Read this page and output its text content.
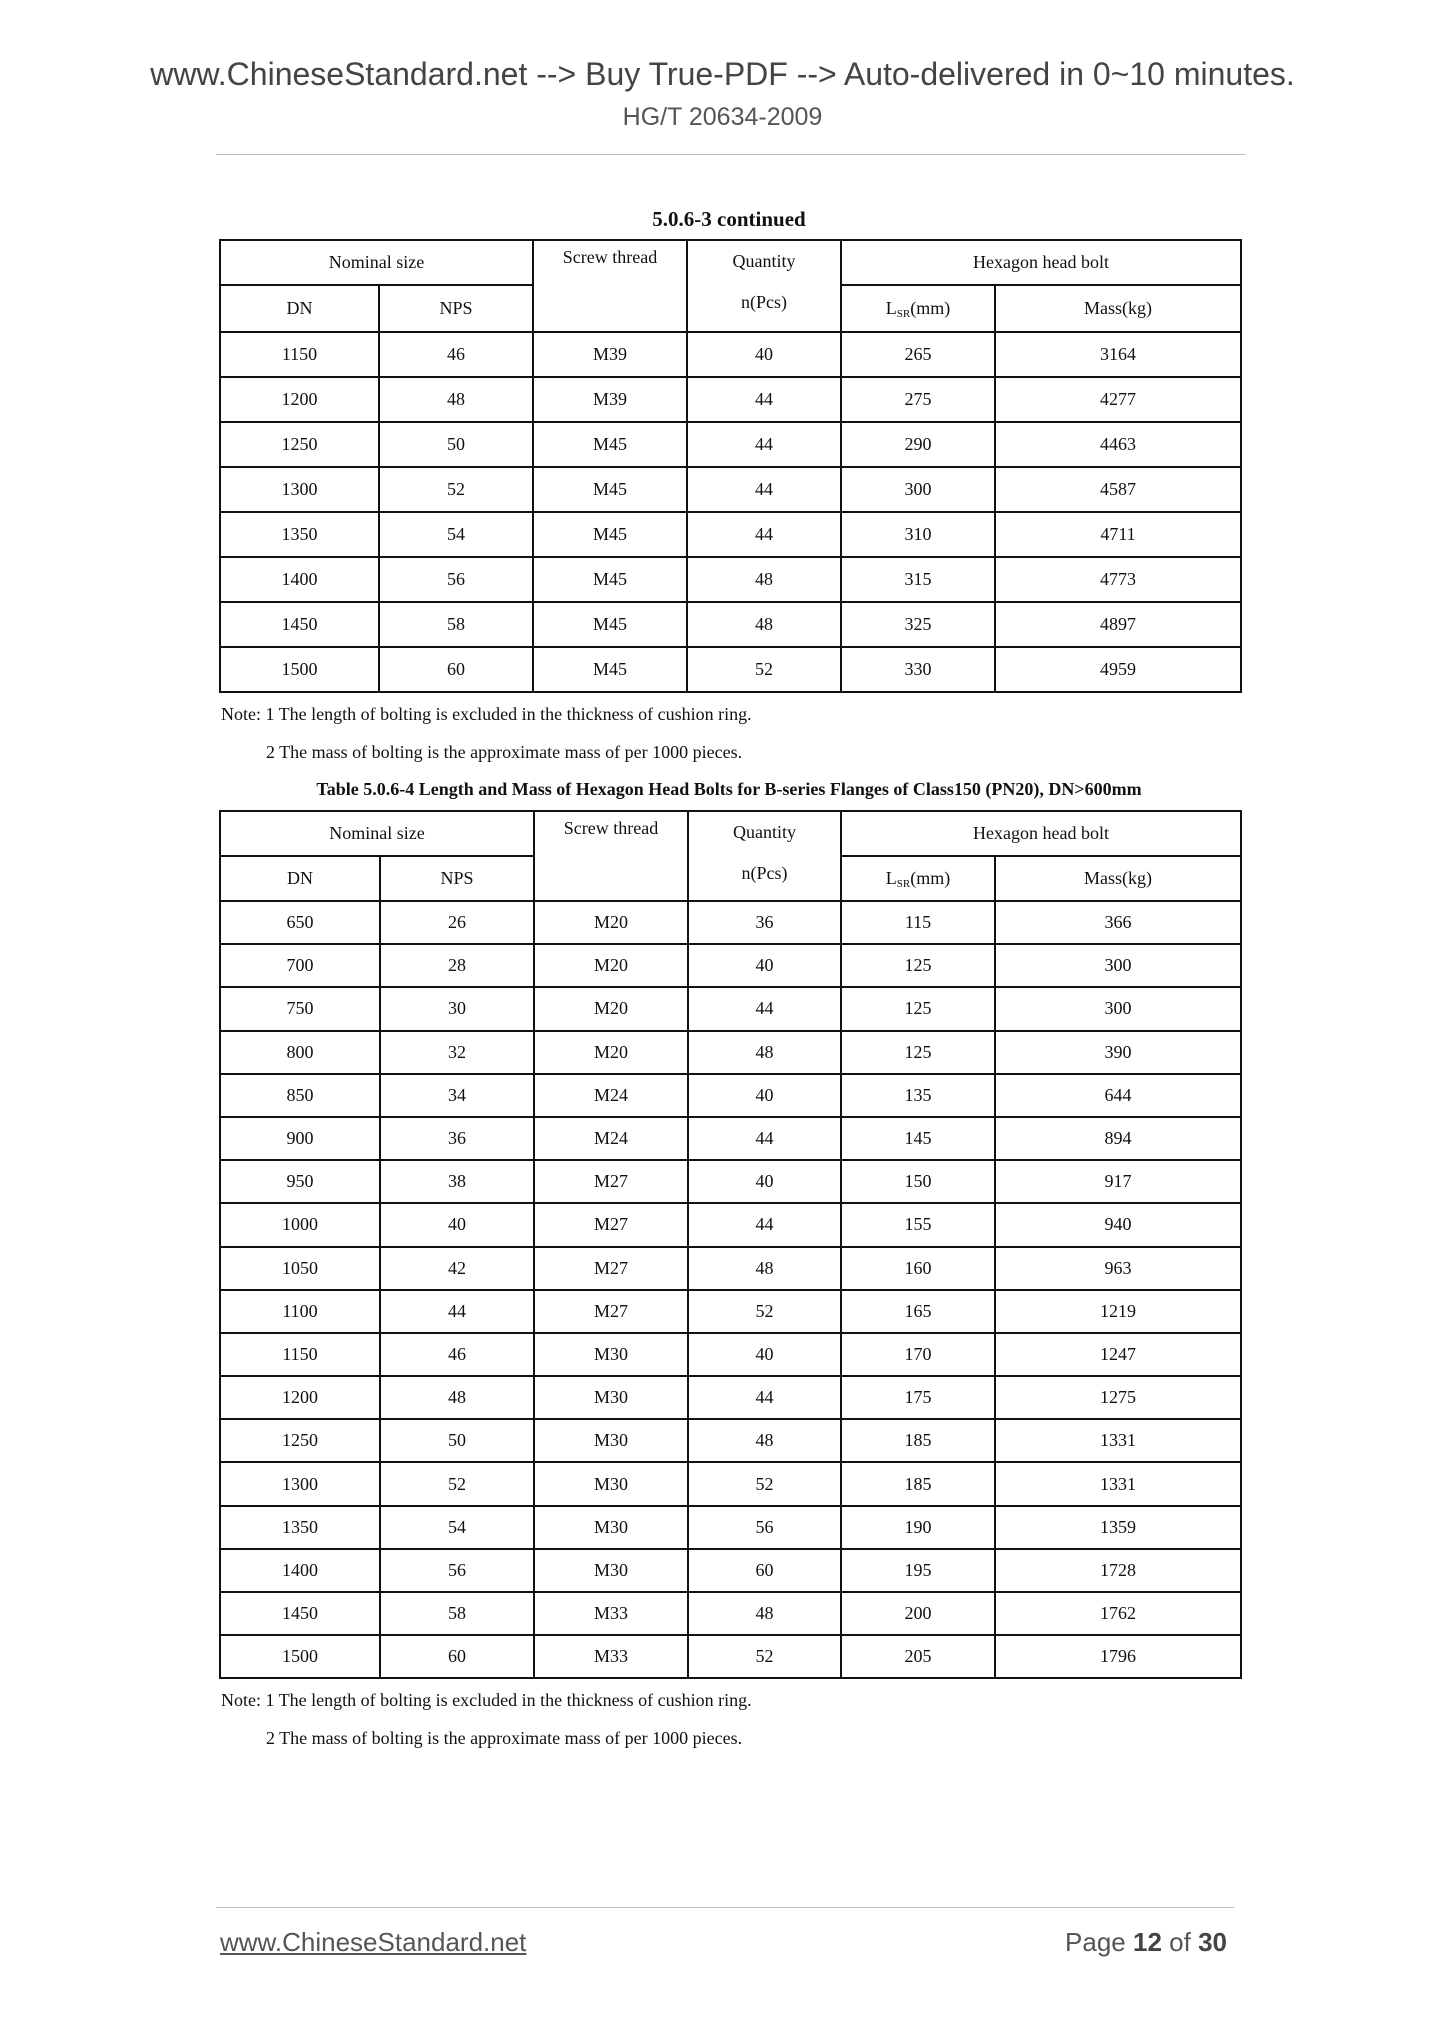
www.ChineseStandard.net --> Buy True-PDF --> Auto-delivered in 0~10 minutes.
HG/T 20634-2009
5.0.6-3 continued
Nominal size		Screw thread	Quantity
n(Pcs)	Hexagon head bolt	
DN	NPS			$L_{SR}(mm)$	Mass(kg)
1150	46	M39	40	265	3164
1200	48	M39	44	275	4277
1250	50	M45	44	290	4463
1300	52	M45	44	300	4587
1350	54	M45	44	310	4711
1400	56	M45	48	315	4773
1450	58	M45	48	325	4897
1500	60	M45	52	330	4959
Note: 1 The length of bolting is excluded in the thickness of cushion ring.
2 The mass of bolting is the approximate mass of per 1000 pieces.
Table 5.0.6-4 Length and Mass of Hexagon Head Bolts for B-series Flanges of Class150 (PN20), DN>600mm
Nominal size		Screw thread	Quantity
n(Pcs)	Hexagon head bolt	
DN	NPS			$L_{SR}(mm)$	Mass(kg)
650	26	M20	36	115	366
700	28	M20	40	125	300
750	30	M20	44	125	300
800	32	M20	48	125	390
850	34	M24	40	135	644
900	36	M24	44	145	894
950	38	M27	40	150	917
1000	40	M27	44	155	940
1050	42	M27	48	160	963
1100	44	M27	52	165	1219
1150	46	M30	40	170	1247
1200	48	M30	44	175	1275
1250	50	M30	48	185	1331
1300	52	M30	52	185	1331
1350	54	M30	56	190	1359
1400	56	M30	60	195	1728
1450	58	M33	48	200	1762
1500	60	M33	52	205	1796
Note: 1 The length of bolting is excluded in the thickness of cushion ring.
2 The mass of bolting is the approximate mass of per 1000 pieces.
www.ChineseStandard.net	Page 12 of 30
